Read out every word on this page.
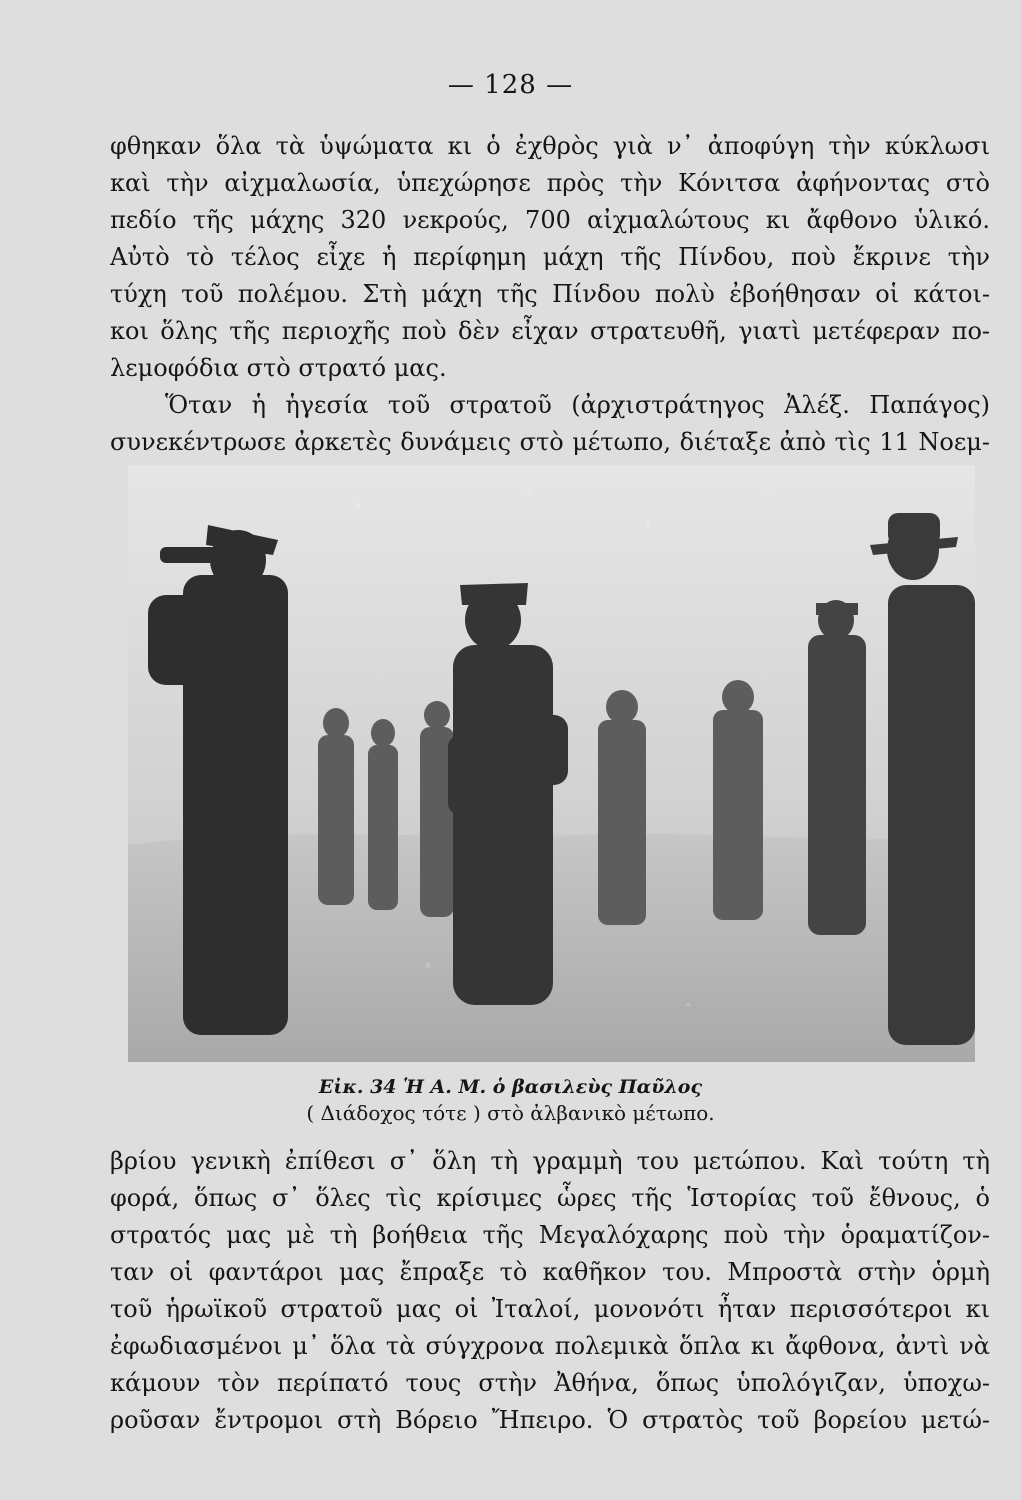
— 128 —
φθηκαν ὅλα τὰ ὑψώματα κι ὁ ἐχθρὸς γιὰ ν᾿ ἀποφύγη τὴν κύκλωσι
καὶ τὴν αἰχμαλωσία, ὑπεχώρησε πρὸς τὴν Κόνιτσα ἀφήνοντας στὸ
πεδίο τῆς μάχης 320 νεκρούς, 700 αἰχμαλώτους κι ἄφθονο ὑλικό.
Αὐτὸ τὸ τέλος εἶχε ἡ περίφημη μάχη τῆς Πίνδου, ποὺ ἔκρινε τὴν
τύχη τοῦ πολέμου. Στὴ μάχη τῆς Πίνδου πολὺ ἐβοήθησαν οἱ κάτοι-
κοι ὅλης τῆς περιοχῆς ποὺ δὲν εἶχαν στρατευθῆ, γιατὶ μετέφεραν πο-
λεμοφόδια στὸ στρατό μας.
Ὅταν ἡ ἡγεσία τοῦ στρατοῦ (ἀρχιστράτηγος Ἀλέξ. Παπάγος)
συνεκέντρωσε ἀρκετὲς δυνάμεις στὸ μέτωπο, διέταξε ἀπὸ τὶς 11 Νοεμ-
Εἰκ. 34 Ἡ Α. Μ. ὁ βασιλεὺς Παῦλος
( Διάδοχος τότε ) στὸ ἀλβανικὸ μέτωπο.
βρίου γενικὴ ἐπίθεσι σ᾿ ὅλη τὴ γραμμὴ του μετώπου. Καὶ τούτη τὴ
φορά, ὅπως σ᾿ ὅλες τὶς κρίσιμες ὧρες τῆς Ἱστορίας τοῦ ἔθνους, ὁ
στρατός μας μὲ τὴ βοήθεια τῆς Μεγαλόχαρης ποὺ τὴν ὁραματίζον-
ταν οἱ φαντάροι μας ἔπραξε τὸ καθῆκον του. Μπροστὰ στὴν ὁρμὴ
τοῦ ἡρωϊκοῦ στρατοῦ μας οἱ Ἰταλοί, μονονότι ἦταν περισσότεροι κι
ἐφωδιασμένοι μ᾿ ὅλα τὰ σύγχρονα πολεμικὰ ὅπλα κι ἄφθονα, ἀντὶ νὰ
κάμουν τὸν περίπατό τους στὴν Ἀθήνα, ὅπως ὑπολόγιζαν, ὑποχω-
ροῦσαν ἔντρομοι στὴ Βόρειο Ἤπειρο. Ὁ στρατὸς τοῦ βορείου μετώ-
